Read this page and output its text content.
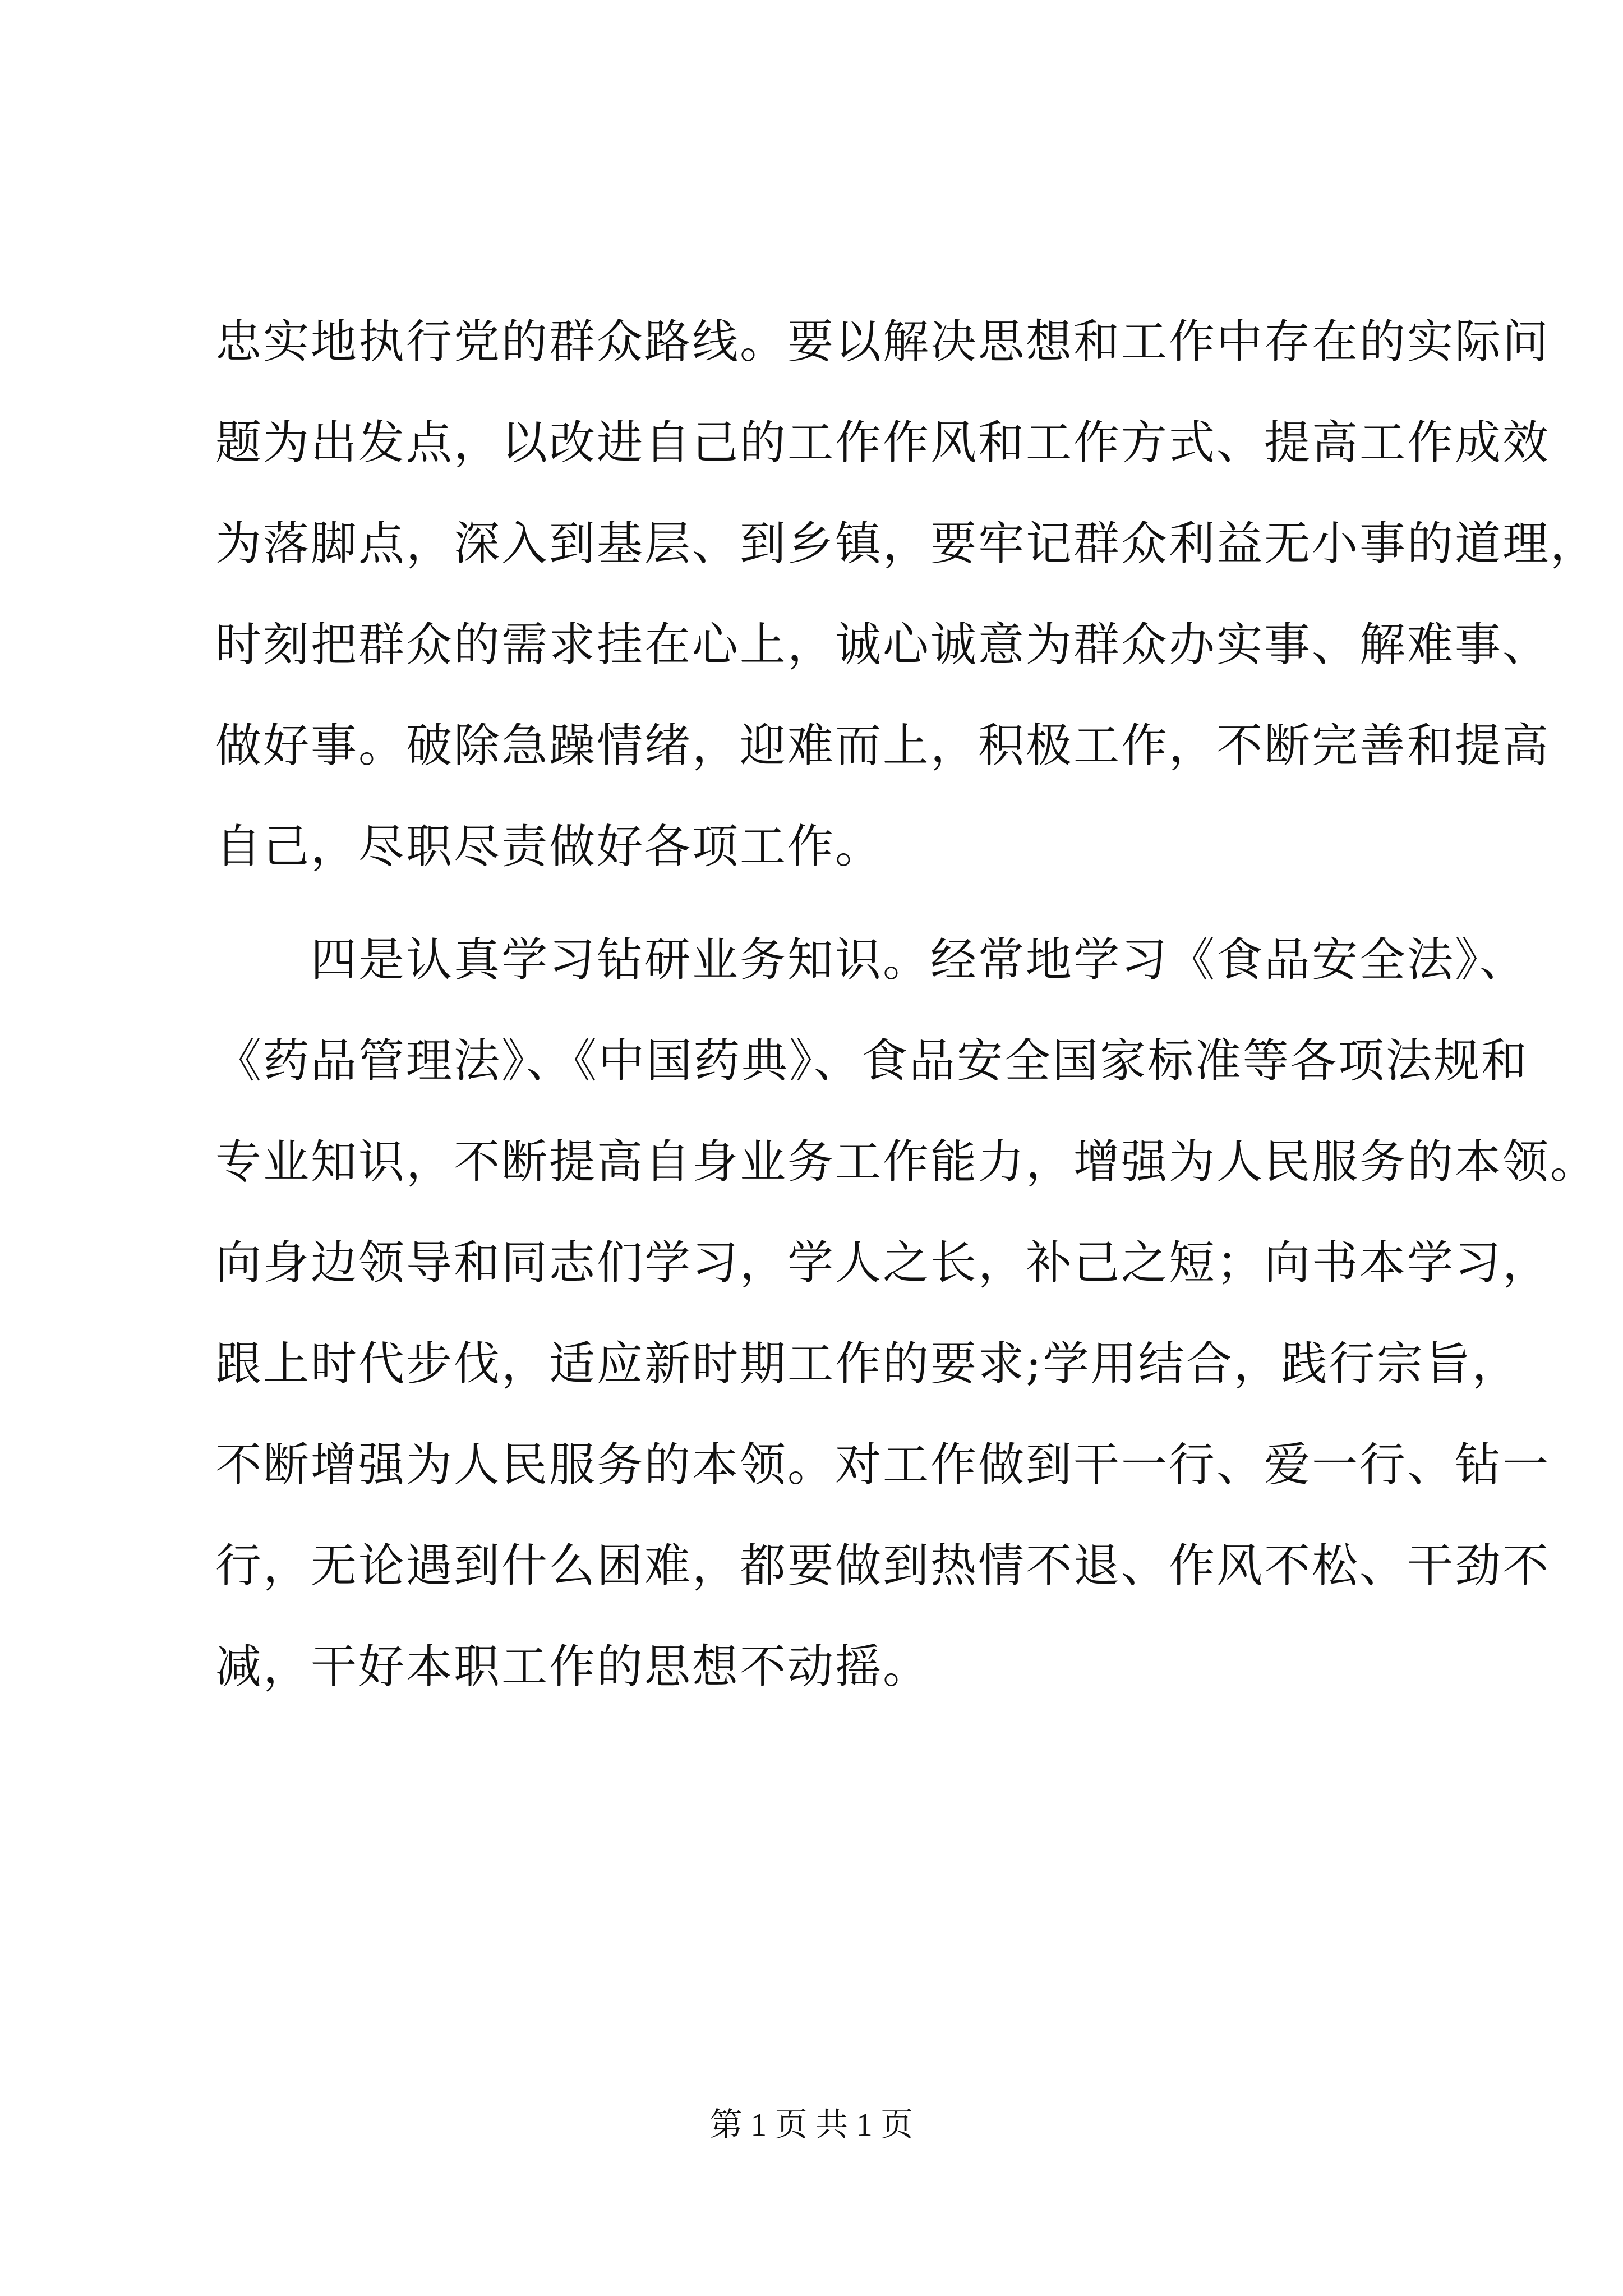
忠实地执行党的群众路线。要以解决思想和工作中存在的实际问
题为出发点，以改进自己的工作作风和工作方式、提高工作成效
为落脚点，深入到基层、到乡镇，要牢记群众利益无小事的道理，
时刻把群众的需求挂在心上，诚心诚意为群众办实事、解难事、
做好事。破除急躁情绪，迎难而上，积极工作，不断完善和提高
自己，尽职尽责做好各项工作。
　　四是认真学习钻研业务知识。经常地学习《食品安全法》、
《药品管理法》、《中国药典》、食品安全国家标准等各项法规和
专业知识，不断提高自身业务工作能力，增强为人民服务的本领。
向身边领导和同志们学习，学人之长，补己之短；向书本学习，
跟上时代步伐，适应新时期工作的要求;学用结合，践行宗旨，
不断增强为人民服务的本领。对工作做到干一行、爱一行、钻一
行，无论遇到什么困难，都要做到热情不退、作风不松、干劲不
减，干好本职工作的思想不动摇。
第 1 页 共 1 页
